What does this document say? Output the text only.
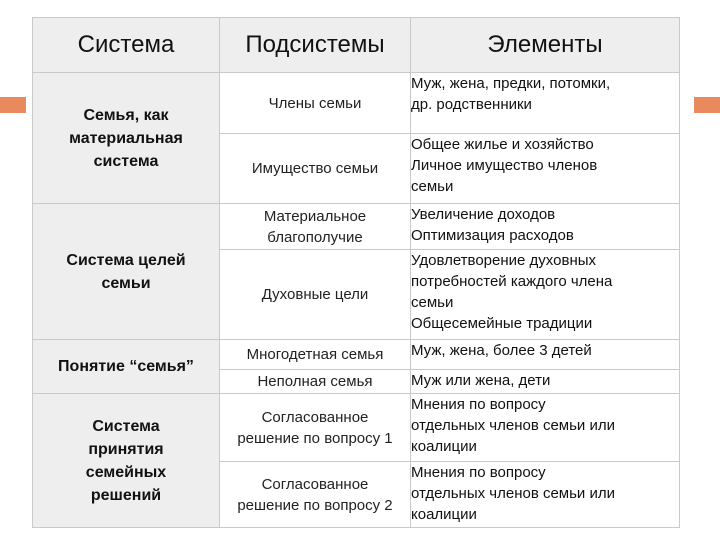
Система	Подсистемы	Элементы

Семья, как
материальная
система	Члены семьи	Муж, жена, предки, потомки,
др. родственники

	Имущество семьи	Общее жилье и хозяйство
Личное имущество членов
семьи

Система целей
семьи	Материальное
благополучие	Увеличение доходов
Оптимизация расходов

	Духовные цели	Удовлетворение духовных
потребностей каждого члена
семьи
Общесемейные традиции

Понятие “семья”	Многодетная семья	Муж, жена, более 3 детей

	Неполная семья	Муж или жена, дети

Система
принятия
семейных
решений	Согласованное
решение по вопросу 1	Мнения по вопросу
отдельных членов семьи или
коалиции

	Согласованное
решение по вопросу 2	Мнения по вопросу
отдельных членов семьи или
коалиции
